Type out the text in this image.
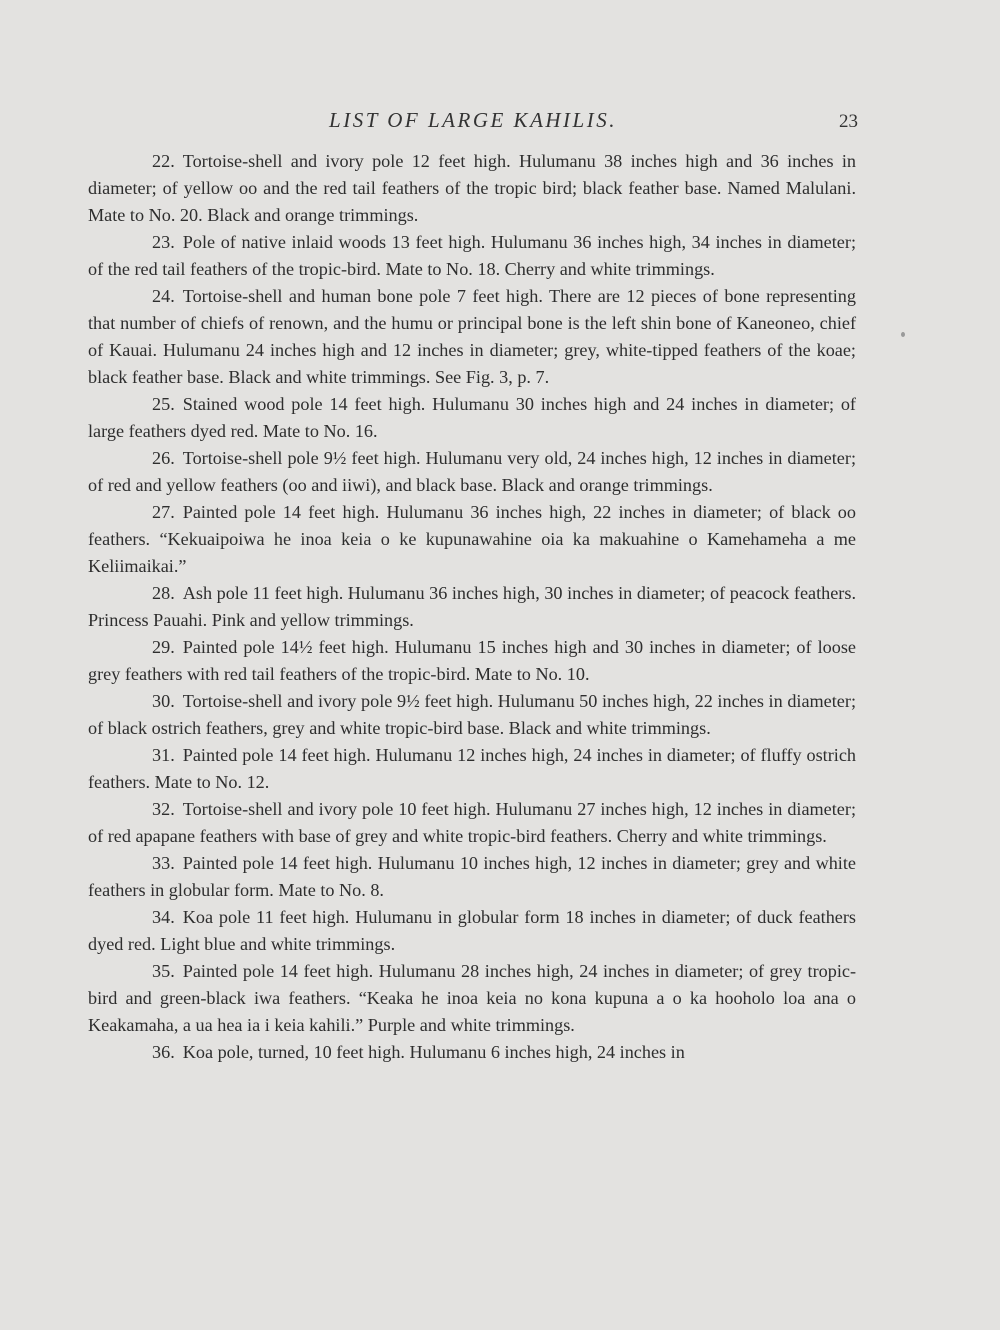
LIST OF LARGE KAHILIS.	23

22. Tortoise-shell and ivory pole 12 feet high. Hulumanu 38 inches high and 36 inches in diameter; of yellow oo and the red tail feathers of the tropic bird; black feather base. Named Malulani. Mate to No. 20. Black and orange trimmings.

23. Pole of native inlaid woods 13 feet high. Hulumanu 36 inches high, 34 inches in diameter; of the red tail feathers of the tropic-bird. Mate to No. 18. Cherry and white trimmings.

24. Tortoise-shell and human bone pole 7 feet high. There are 12 pieces of bone representing that number of chiefs of renown, and the humu or principal bone is the left shin bone of Kaneoneo, chief of Kauai. Hulumanu 24 inches high and 12 inches in diameter; grey, white-tipped feathers of the koae; black feather base. Black and white trimmings. See Fig. 3, p. 7.

25. Stained wood pole 14 feet high. Hulumanu 30 inches high and 24 inches in diameter; of large feathers dyed red. Mate to No. 16.

26. Tortoise-shell pole 9½ feet high. Hulumanu very old, 24 inches high, 12 inches in diameter; of red and yellow feathers (oo and iiwi), and black base. Black and orange trimmings.

27. Painted pole 14 feet high. Hulumanu 36 inches high, 22 inches in diameter; of black oo feathers. “Kekuaipoiwa he inoa keia o ke kupunawahine oia ka makuahine o Kamehameha a me Keliimaikai.”

28. Ash pole 11 feet high. Hulumanu 36 inches high, 30 inches in diameter; of peacock feathers. Princess Pauahi. Pink and yellow trimmings.

29. Painted pole 14½ feet high. Hulumanu 15 inches high and 30 inches in diameter; of loose grey feathers with red tail feathers of the tropic-bird. Mate to No. 10.

30. Tortoise-shell and ivory pole 9½ feet high. Hulumanu 50 inches high, 22 inches in diameter; of black ostrich feathers, grey and white tropic-bird base. Black and white trimmings.

31. Painted pole 14 feet high. Hulumanu 12 inches high, 24 inches in diameter; of fluffy ostrich feathers. Mate to No. 12.

32. Tortoise-shell and ivory pole 10 feet high. Hulumanu 27 inches high, 12 inches in diameter; of red apapane feathers with base of grey and white tropic-bird feathers. Cherry and white trimmings.

33. Painted pole 14 feet high. Hulumanu 10 inches high, 12 inches in diameter; grey and white feathers in globular form. Mate to No. 8.

34. Koa pole 11 feet high. Hulumanu in globular form 18 inches in diameter; of duck feathers dyed red. Light blue and white trimmings.

35. Painted pole 14 feet high. Hulumanu 28 inches high, 24 inches in diameter; of grey tropic-bird and green-black iwa feathers. “Keaka he inoa keia no kona kupuna a o ka hooholo loa ana o Keakamaha, a ua hea ia i keia kahili.” Purple and white trimmings.

36. Koa pole, turned, 10 feet high. Hulumanu 6 inches high, 24 inches in
